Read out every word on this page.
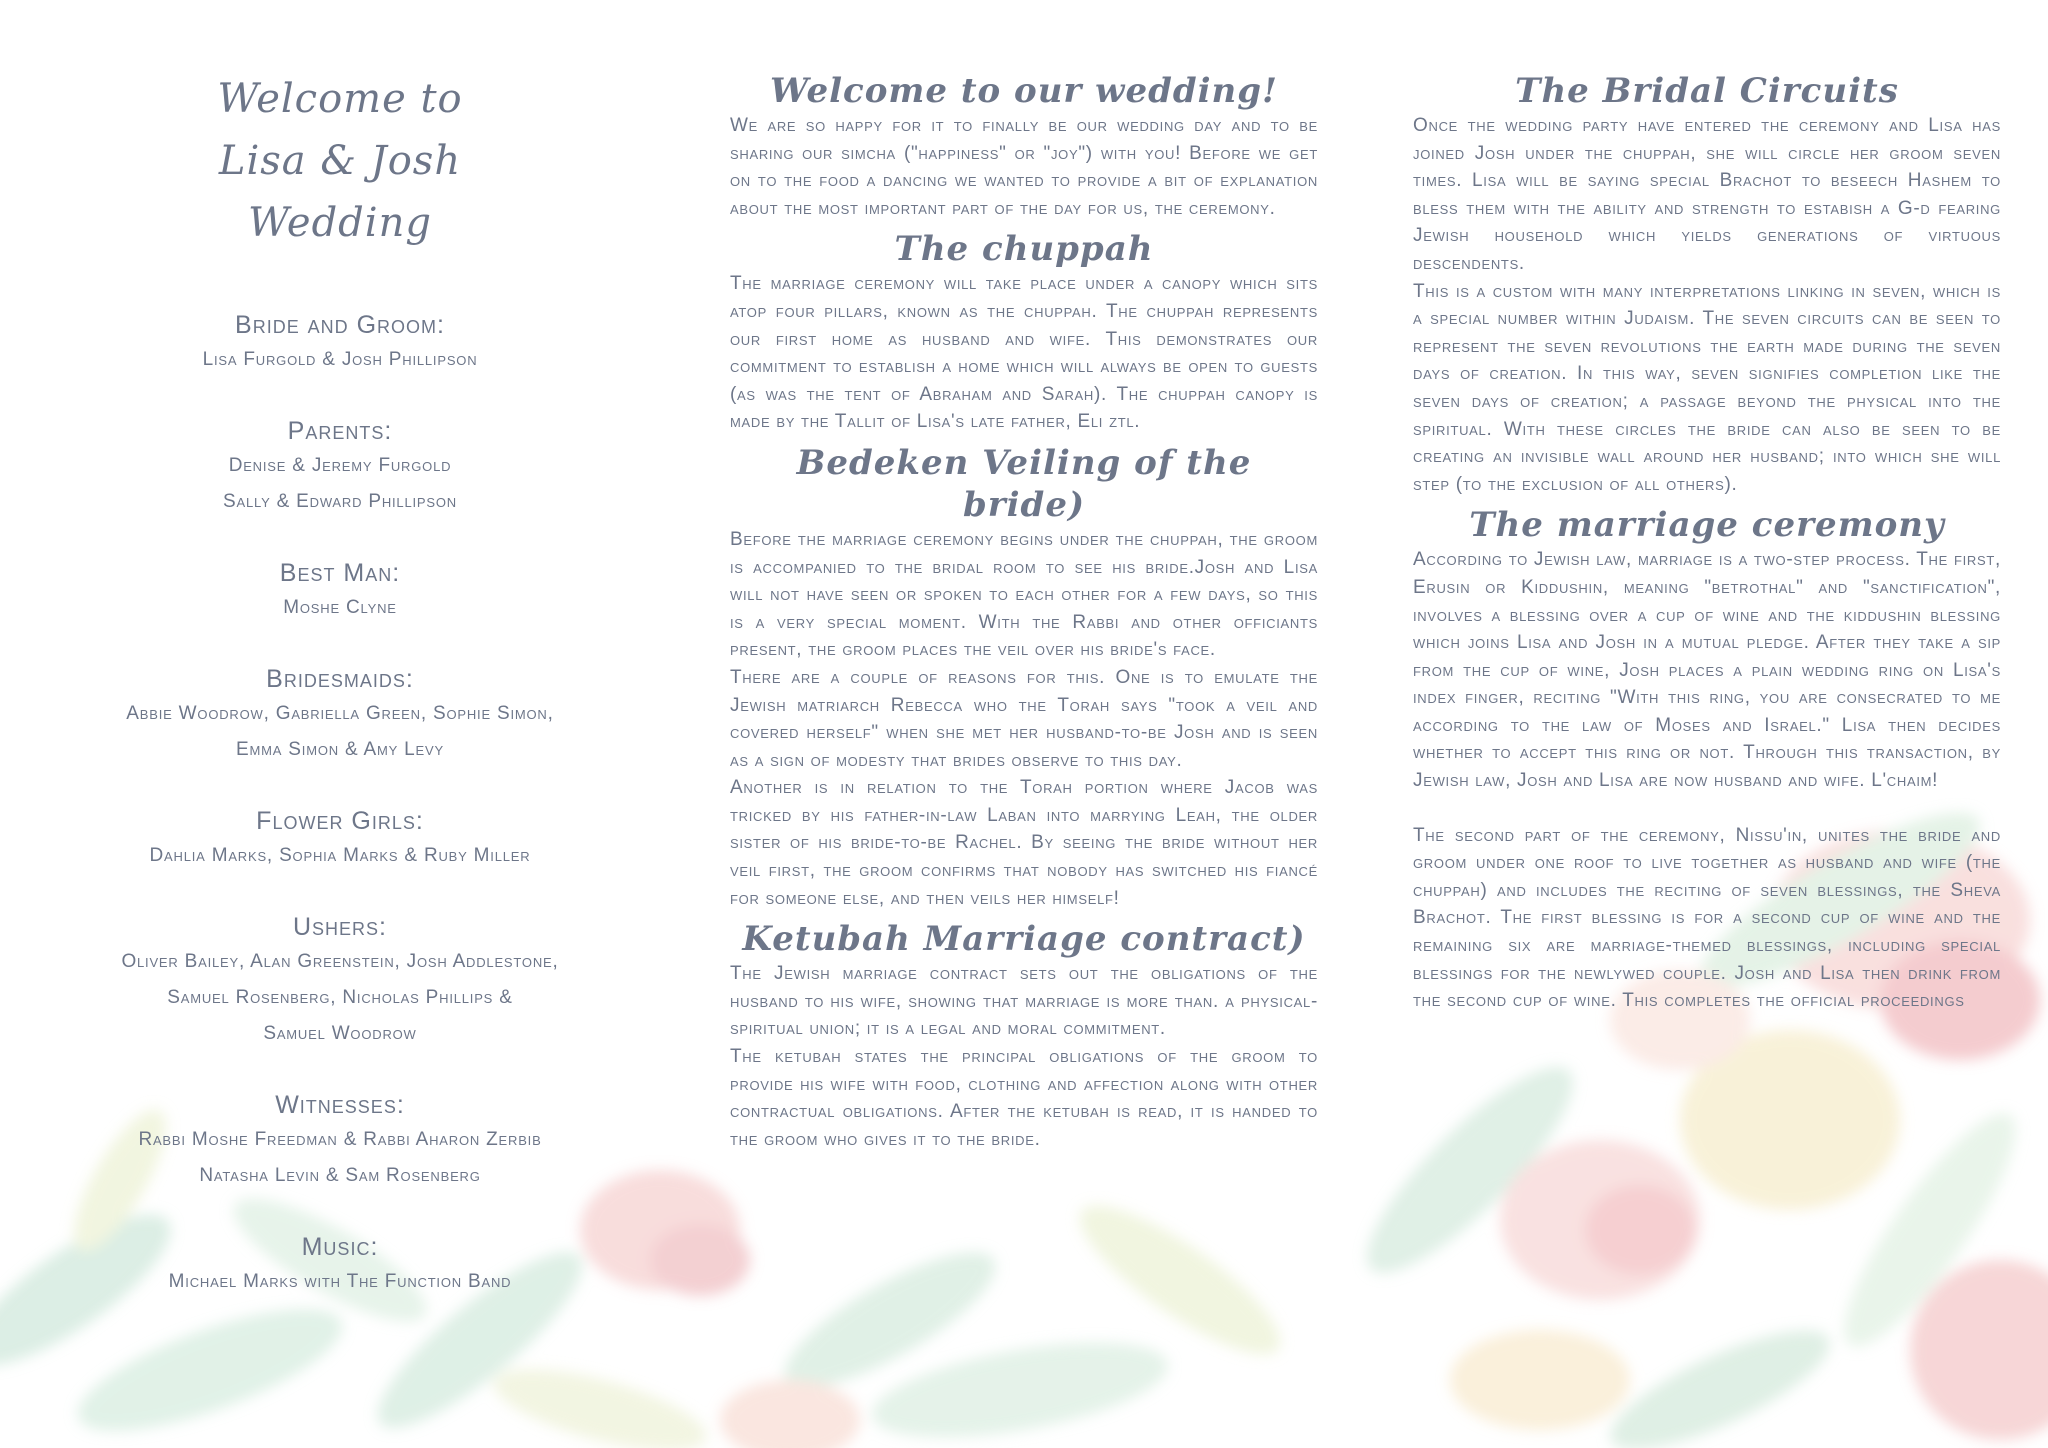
Welcome to
Lisa & Josh
Wedding

Bride and Groom:

Lisa Furgold & Josh Phillipson

Parents:

Denise & Jeremy Furgold

Sally & Edward Phillipson

Best Man:

Moshe Clyne

Bridesmaids:

Abbie Woodrow, Gabriella Green, Sophie Simon,

Emma Simon & Amy Levy

Flower Girls:

Dahlia Marks, Sophia Marks & Ruby Miller

Ushers:

Oliver Bailey, Alan Greenstein, Josh Addlestone,

Samuel Rosenberg, Nicholas Phillips &

Samuel Woodrow

Witnesses:

Rabbi Moshe Freedman & Rabbi Aharon Zerbib

Natasha Levin & Sam Rosenberg

Music:

Michael Marks with The Function Band

Welcome to our wedding!

We are so happy for it to finally be our wedding day and to be sharing our simcha ("happiness" or "joy") with you! Before we get on to the food a dancing we wanted to provide a bit of explanation about the most important part of the day for us, the ceremony.

The chuppah

The marriage ceremony will take place under a canopy which sits atop four pillars, known as the chuppah. The chuppah represents our first home as husband and wife. This demonstrates our commitment to establish a home which will always be open to guests (as was the tent of Abraham and Sarah). The chuppah canopy is made by the Tallit of Lisa's late father, Eli ztl.

Bedeken Veiling of the bride)

Before the marriage ceremony begins under the chuppah, the groom is accompanied to the bridal room to see his bride.Josh and Lisa will not have seen or spoken to each other for a few days, so this is a very special moment. With the Rabbi and other officiants present, the groom places the veil over his bride's face.

There are a couple of reasons for this. One is to emulate the Jewish matriarch Rebecca who the Torah says "took a veil and covered herself" when she met her husband-to-be Josh and is seen as a sign of modesty that brides observe to this day.

Another is in relation to the Torah portion where Jacob was tricked by his father-in-law Laban into marrying Leah, the older sister of his bride-to-be Rachel. By seeing the bride without her veil first, the groom confirms that nobody has switched his fiancé for someone else, and then veils her himself!

Ketubah Marriage contract)

The Jewish marriage contract sets out the obligations of the husband to his wife, showing that marriage is more than. a physical-spiritual union; it is a legal and moral commitment.

The ketubah states the principal obligations of the groom to provide his wife with food, clothing and affection along with other contractual obligations. After the ketubah is read, it is handed to the groom who gives it to the bride.

The Bridal Circuits

Once the wedding party have entered the ceremony and Lisa has joined Josh under the chuppah, she will circle her groom seven times. Lisa will be saying special Brachot to beseech Hashem to bless them with the ability and strength to estabish a G-d fearing Jewish household which yields generations of virtuous descendents.

This is a custom with many interpretations linking in seven, which is a special number within Judaism. The seven circuits can be seen to represent the seven revolutions the earth made during the seven days of creation. In this way, seven signifies completion like the seven days of creation; a passage beyond the physical into the spiritual. With these circles the bride can also be seen to be creating an invisible wall around her husband; into which she will step (to the exclusion of all others).

The marriage ceremony

According to Jewish law, marriage is a two-step process. The first, Erusin or Kiddushin, meaning "betrothal" and "sanctification", involves a blessing over a cup of wine and the kiddushin blessing which joins Lisa and Josh in a mutual pledge. After they take a sip from the cup of wine, Josh places a plain wedding ring on Lisa's index finger, reciting "With this ring, you are consecrated to me according to the law of Moses and Israel." Lisa then decides whether to accept this ring or not. Through this transaction, by Jewish law, Josh and Lisa are now husband and wife. L'chaim!

The second part of the ceremony, Nissu'in, unites the bride and groom under one roof to live together as husband and wife (the chuppah) and includes the reciting of seven blessings, the Sheva Brachot. The first blessing is for a second cup of wine and the remaining six are marriage-themed blessings, including special blessings for the newlywed couple. Josh and Lisa then drink from the second cup of wine. This completes the official proceedings
